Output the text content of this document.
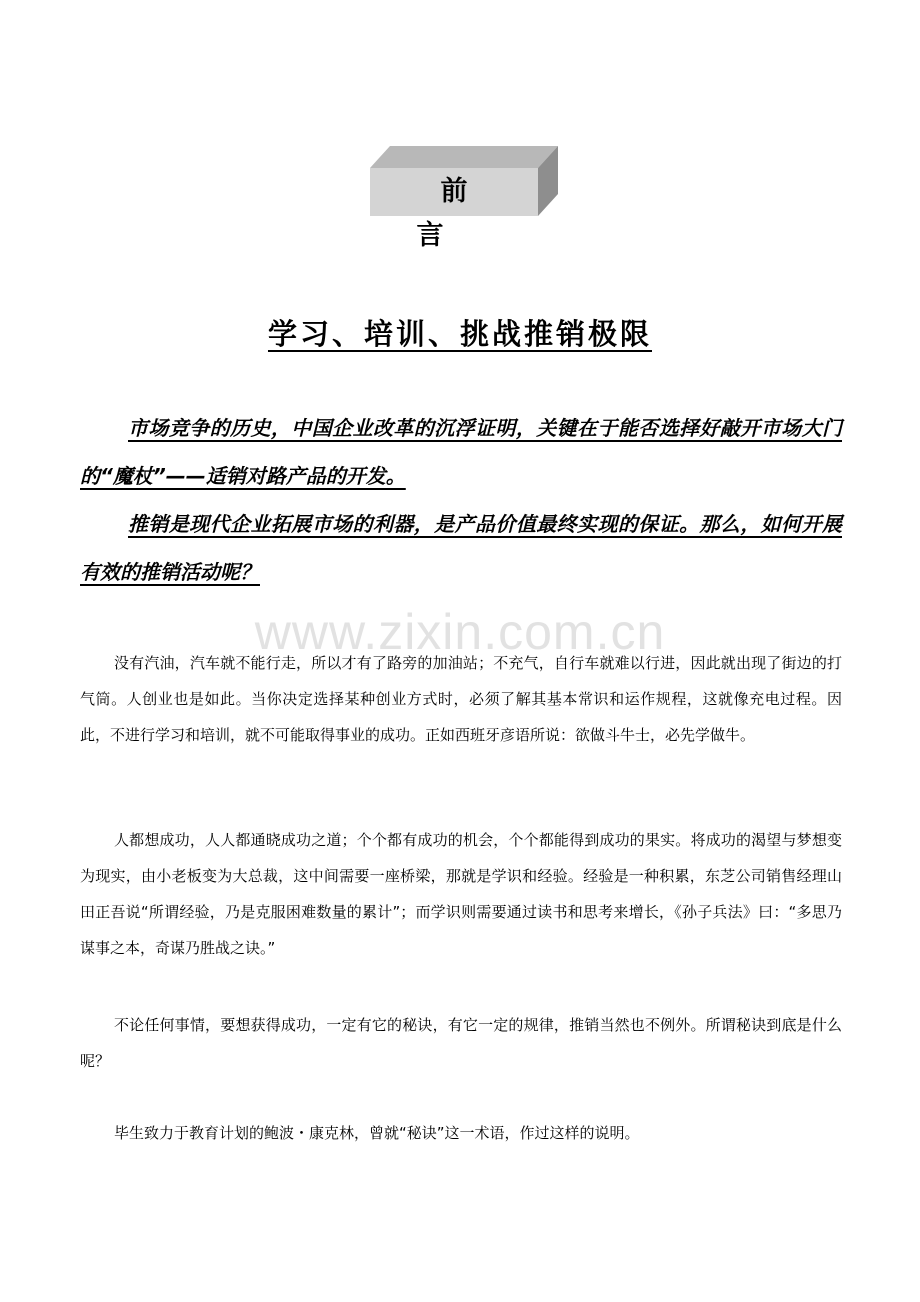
前言
学习、培训、挑战推销极限

市场竞争的历史，中国企业改革的沉浮证明，关键在于能否选择好敲开市场大门的“魔杖”——适销对路产品的开发。

推销是现代企业拓展市场的利器，是产品价值最终实现的保证。那么，如何开展有效的推销活动呢？

www.zixin.com.cn

没有汽油，汽车就不能行走，所以才有了路旁的加油站；不充气，自行车就难以行进，因此就出现了街边的打气筒。人创业也是如此。当你决定选择某种创业方式时，必须了解其基本常识和运作规程，这就像充电过程。因此，不进行学习和培训，就不可能取得事业的成功。正如西班牙彦语所说：欲做斗牛士，必先学做牛。

人都想成功，人人都通晓成功之道；个个都有成功的机会，个个都能得到成功的果实。将成功的渴望与梦想变为现实，由小老板变为大总裁，这中间需要一座桥梁，那就是学识和经验。经验是一种积累，东芝公司销售经理山田正吾说“所谓经验，乃是克服困难数量的累计”；而学识则需要通过读书和思考来增长，《孙子兵法》曰：“多思乃谋事之本，奇谋乃胜战之诀。”

不论任何事情，要想获得成功，一定有它的秘诀，有它一定的规律，推销当然也不例外。所谓秘诀到底是什么呢？

毕生致力于教育计划的鲍波・康克林，曾就“秘诀”这一术语，作过这样的说明。
